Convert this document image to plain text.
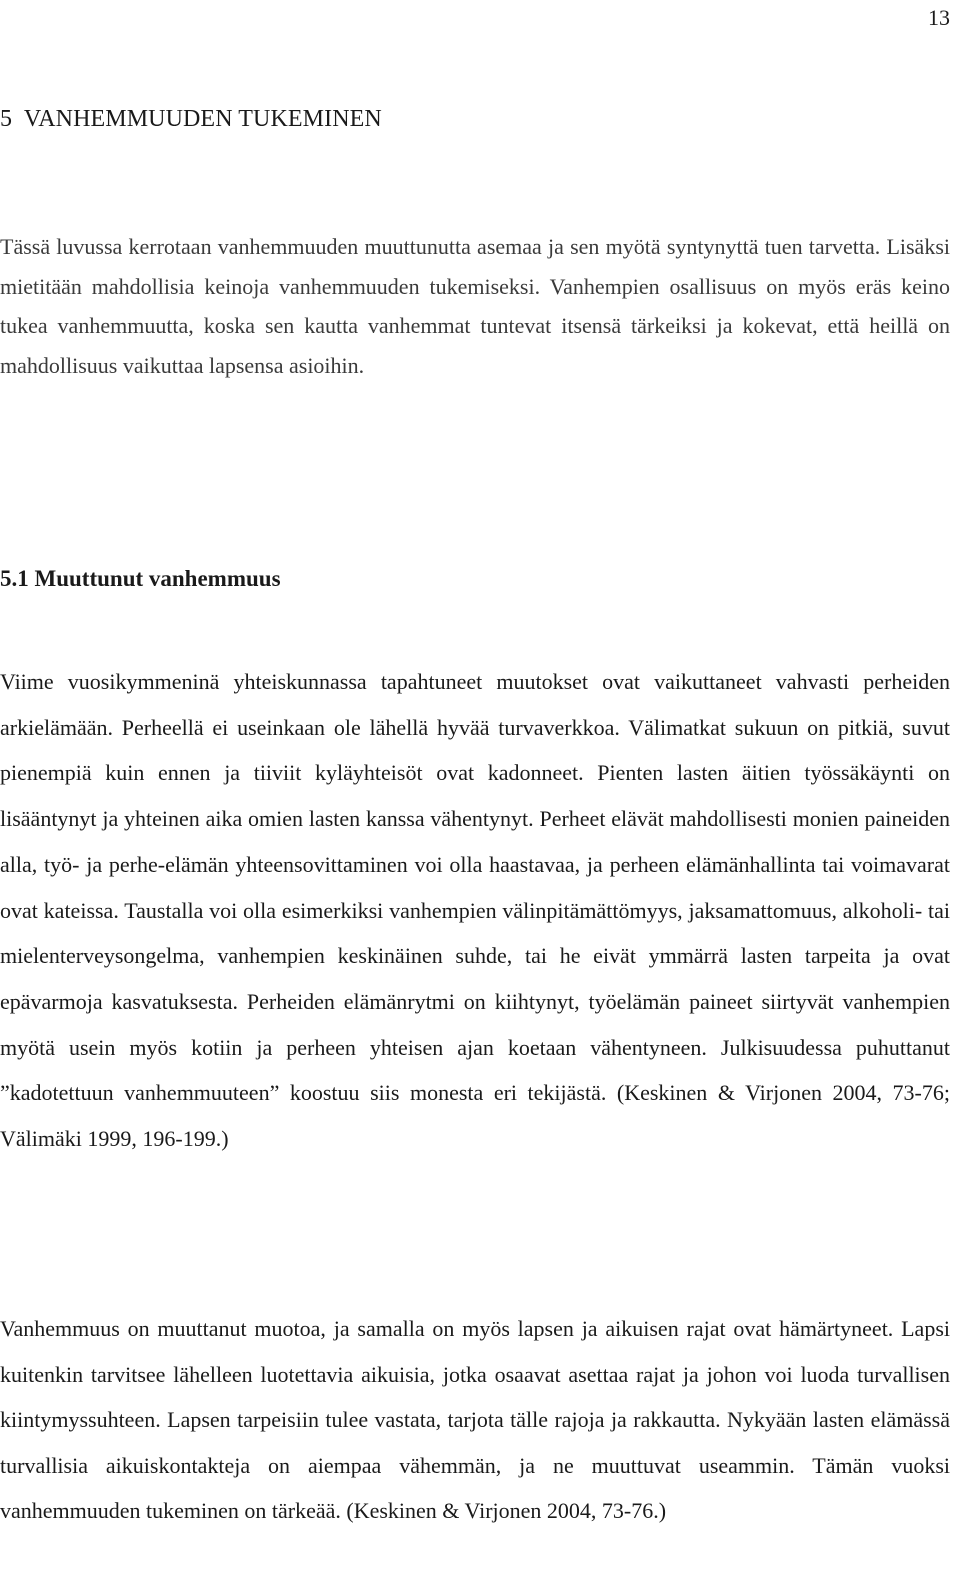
13
5  VANHEMMUUDEN TUKEMINEN

Tässä luvussa kerrotaan vanhemmuuden muuttunutta asemaa ja sen myötä syntynyttä tuen tarvetta. Lisäksi mietitään mahdollisia keinoja vanhemmuuden tukemiseksi. Vanhempien osallisuus on myös eräs keino tukea vanhemmuutta, koska sen kautta vanhemmat tuntevat itsensä tärkeiksi ja kokevat, että heillä on mahdollisuus vaikuttaa lapsensa asioihin.

5.1 Muuttunut vanhemmuus

Viime vuosikymmeninä yhteiskunnassa tapahtuneet muutokset ovat vaikuttaneet vahvasti perheiden arkielämään. Perheellä ei useinkaan ole lähellä hyvää turvaverkkoa. Välimatkat sukuun on pitkiä, suvut pienempiä kuin ennen ja tiiviit kyläyhteisöt ovat kadonneet. Pienten lasten äitien työssäkäynti on lisääntynyt ja yhteinen aika omien lasten kanssa vähentynyt. Perheet elävät mahdollisesti monien paineiden alla, työ- ja perhe-elämän yhteensovittaminen voi olla haastavaa, ja perheen elämänhallinta tai voimavarat ovat kateissa. Taustalla voi olla esimerkiksi vanhempien välinpitämättömyys, jaksamattomuus, alkoholi- tai mielenterveysongelma, vanhempien keskinäinen suhde, tai he eivät ymmärrä lasten tarpeita ja ovat epävarmoja kasvatuksesta. Perheiden elämänrytmi on kiihtynyt, työelämän paineet siirtyvät vanhempien myötä usein myös kotiin ja perheen yhteisen ajan koetaan vähentyneen. Julkisuudessa puhuttanut ”kadotettuun vanhemmuuteen” koostuu siis monesta eri tekijästä. (Keskinen & Virjonen 2004, 73-76; Välimäki 1999, 196-199.)

Vanhemmuus on muuttanut muotoa, ja samalla on myös lapsen ja aikuisen rajat ovat hämärtyneet. Lapsi kuitenkin tarvitsee lähelleen luotettavia aikuisia, jotka osaavat asettaa rajat ja johon voi luoda turvallisen kiintymyssuhteen. Lapsen tarpeisiin tulee vastata, tarjota tälle rajoja ja rakkautta. Nykyään lasten elämässä turvallisia aikuiskontakteja on aiempaa vähemmän, ja ne muuttuvat useammin. Tämän vuoksi vanhemmuuden tukeminen on tärkeää. (Keskinen & Virjonen 2004, 73-76.)
